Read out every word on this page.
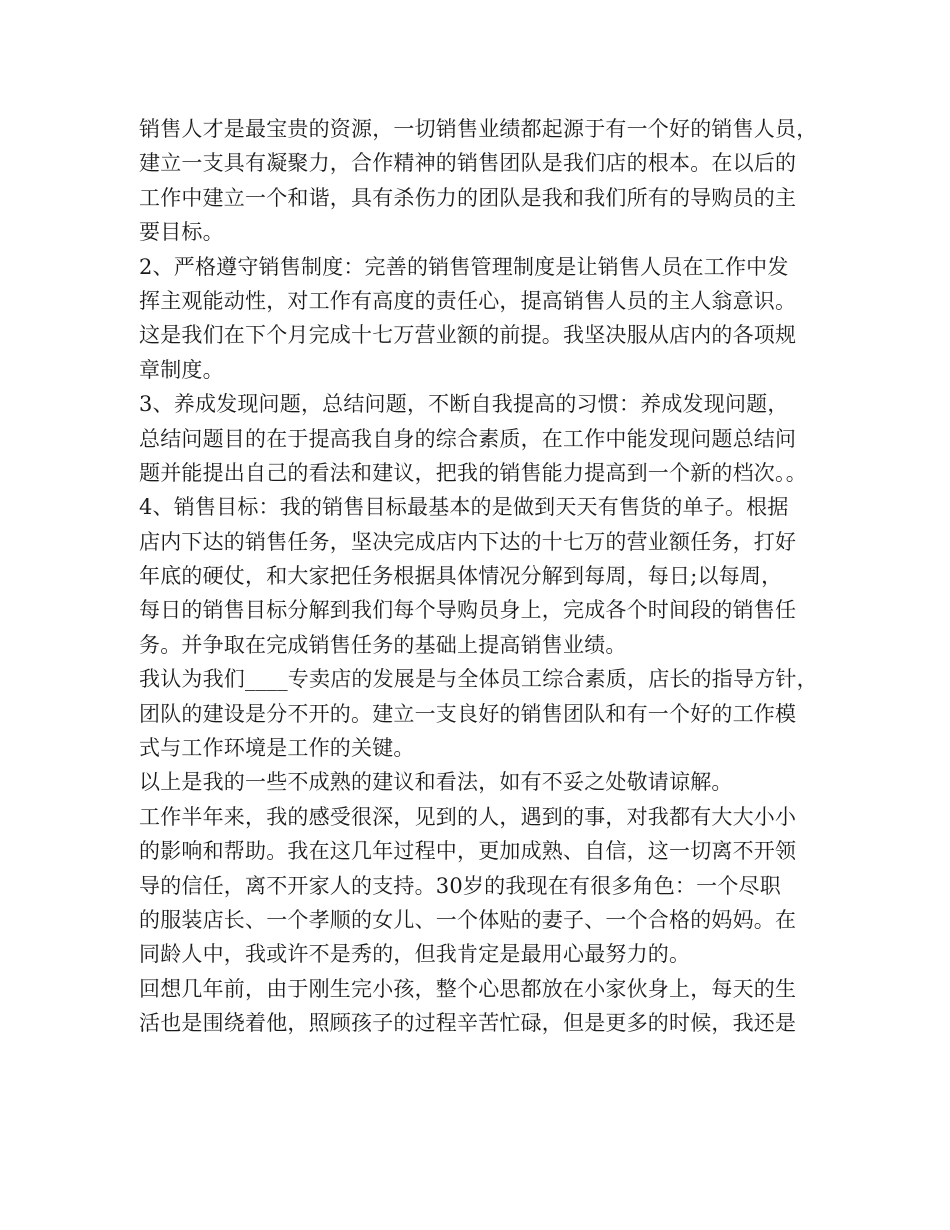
销售人才是最宝贵的资源，一切销售业绩都起源于有一个好的销售人员，
建立一支具有凝聚力，合作精神的销售团队是我们店的根本。在以后的
工作中建立一个和谐，具有杀伤力的团队是我和我们所有的导购员的主
要目标。
2、严格遵守销售制度：完善的销售管理制度是让销售人员在工作中发
挥主观能动性，对工作有高度的责任心，提高销售人员的主人翁意识。
这是我们在下个月完成十七万营业额的前提。我坚决服从店内的各项规
章制度。
3、养成发现问题，总结问题，不断自我提高的习惯：养成发现问题，
总结问题目的在于提高我自身的综合素质，在工作中能发现问题总结问
题并能提出自己的看法和建议，把我的销售能力提高到一个新的档次。。
4、销售目标：我的销售目标最基本的是做到天天有售货的单子。根据
店内下达的销售任务，坚决完成店内下达的十七万的营业额任务，打好
年底的硬仗，和大家把任务根据具体情况分解到每周，每日;以每周，
每日的销售目标分解到我们每个导购员身上，完成各个时间段的销售任
务。并争取在完成销售任务的基础上提高销售业绩。
我认为我们____专卖店的发展是与全体员工综合素质，店长的指导方针，
团队的建设是分不开的。建立一支良好的销售团队和有一个好的工作模
式与工作环境是工作的关键。
以上是我的一些不成熟的建议和看法，如有不妥之处敬请谅解。
工作半年来，我的感受很深，见到的人，遇到的事，对我都有大大小小
的影响和帮助。我在这几年过程中，更加成熟、自信，这一切离不开领
导的信任，离不开家人的支持。30岁的我现在有很多角色：一个尽职
的服装店长、一个孝顺的女儿、一个体贴的妻子、一个合格的妈妈。在
同龄人中，我或许不是秀的，但我肯定是最用心最努力的。
回想几年前，由于刚生完小孩，整个心思都放在小家伙身上，每天的生
活也是围绕着他，照顾孩子的过程辛苦忙碌，但是更多的时候，我还是
